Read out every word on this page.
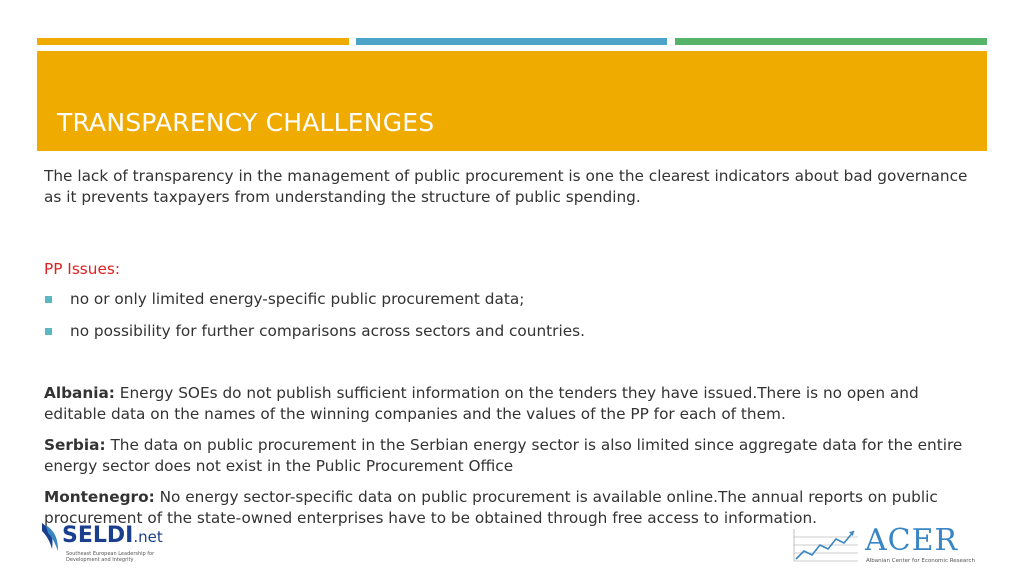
TRANSPARENCY CHALLENGES

The lack of transparency in the management of public procurement is one the clearest indicators about bad governance as it prevents taxpayers from understanding the structure of public spending.

PP Issues:

no or only limited energy-specific public procurement data;
no possibility for further comparisons across sectors and countries.

Albania: Energy SOEs do not publish sufficient information on the tenders they have issued.There is no open and editable data on the names of the winning companies and the values of the PP for each of them.

Serbia: The data on public procurement in the Serbian energy sector is also limited since aggregate data for the entire energy sector does not exist in the Public Procurement Office

Montenegro: No energy sector-specific data on public procurement is available online.The annual reports on public procurement of the state-owned enterprises have to be obtained through free access to information.

SELDI.net
Southeast European Leadership for Development and Integrity
ACER
Albanian Center for Economic Research
